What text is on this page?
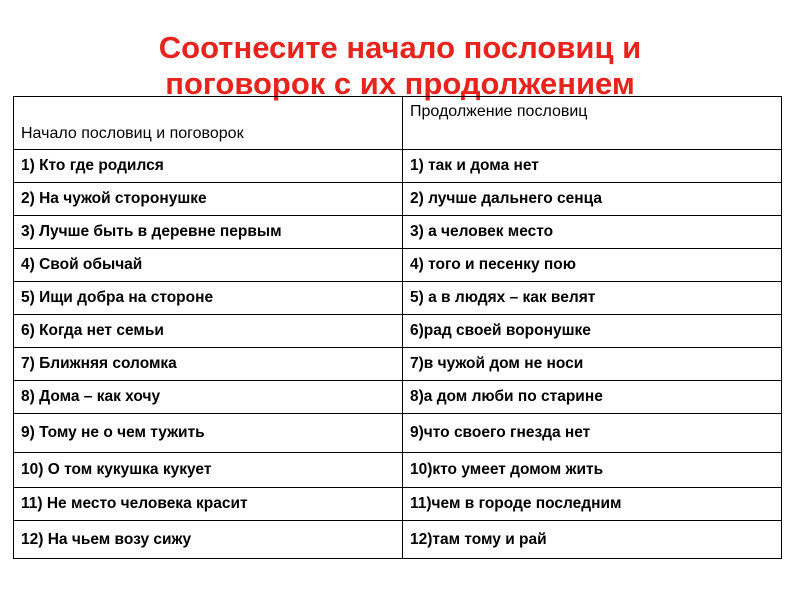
Соотнесите начало пословиц и
поговорок с их продолжением
Начало пословиц и поговорок	Продолжение пословиц
1) Кто где родился	1) так и дома нет
2) На чужой сторонушке	2) лучше дальнего сенца
3) Лучше быть в деревне первым	3) а человек место
4) Свой обычай	4) того и песенку пою
5) Ищи добра на стороне	5) а в людях – как велят
6) Когда нет семьи	6)рад своей воронушке
7) Ближняя соломка	7)в чужой дом не носи
8) Дома – как хочу	8)а дом люби по старине
9) Тому не о чем тужить	9)что своего гнезда нет
10) О том кукушка кукует	10)кто умеет домом жить
11) Не место человека красит	11)чем в городе последним
12) На чьем возу сижу	12)там тому и рай
